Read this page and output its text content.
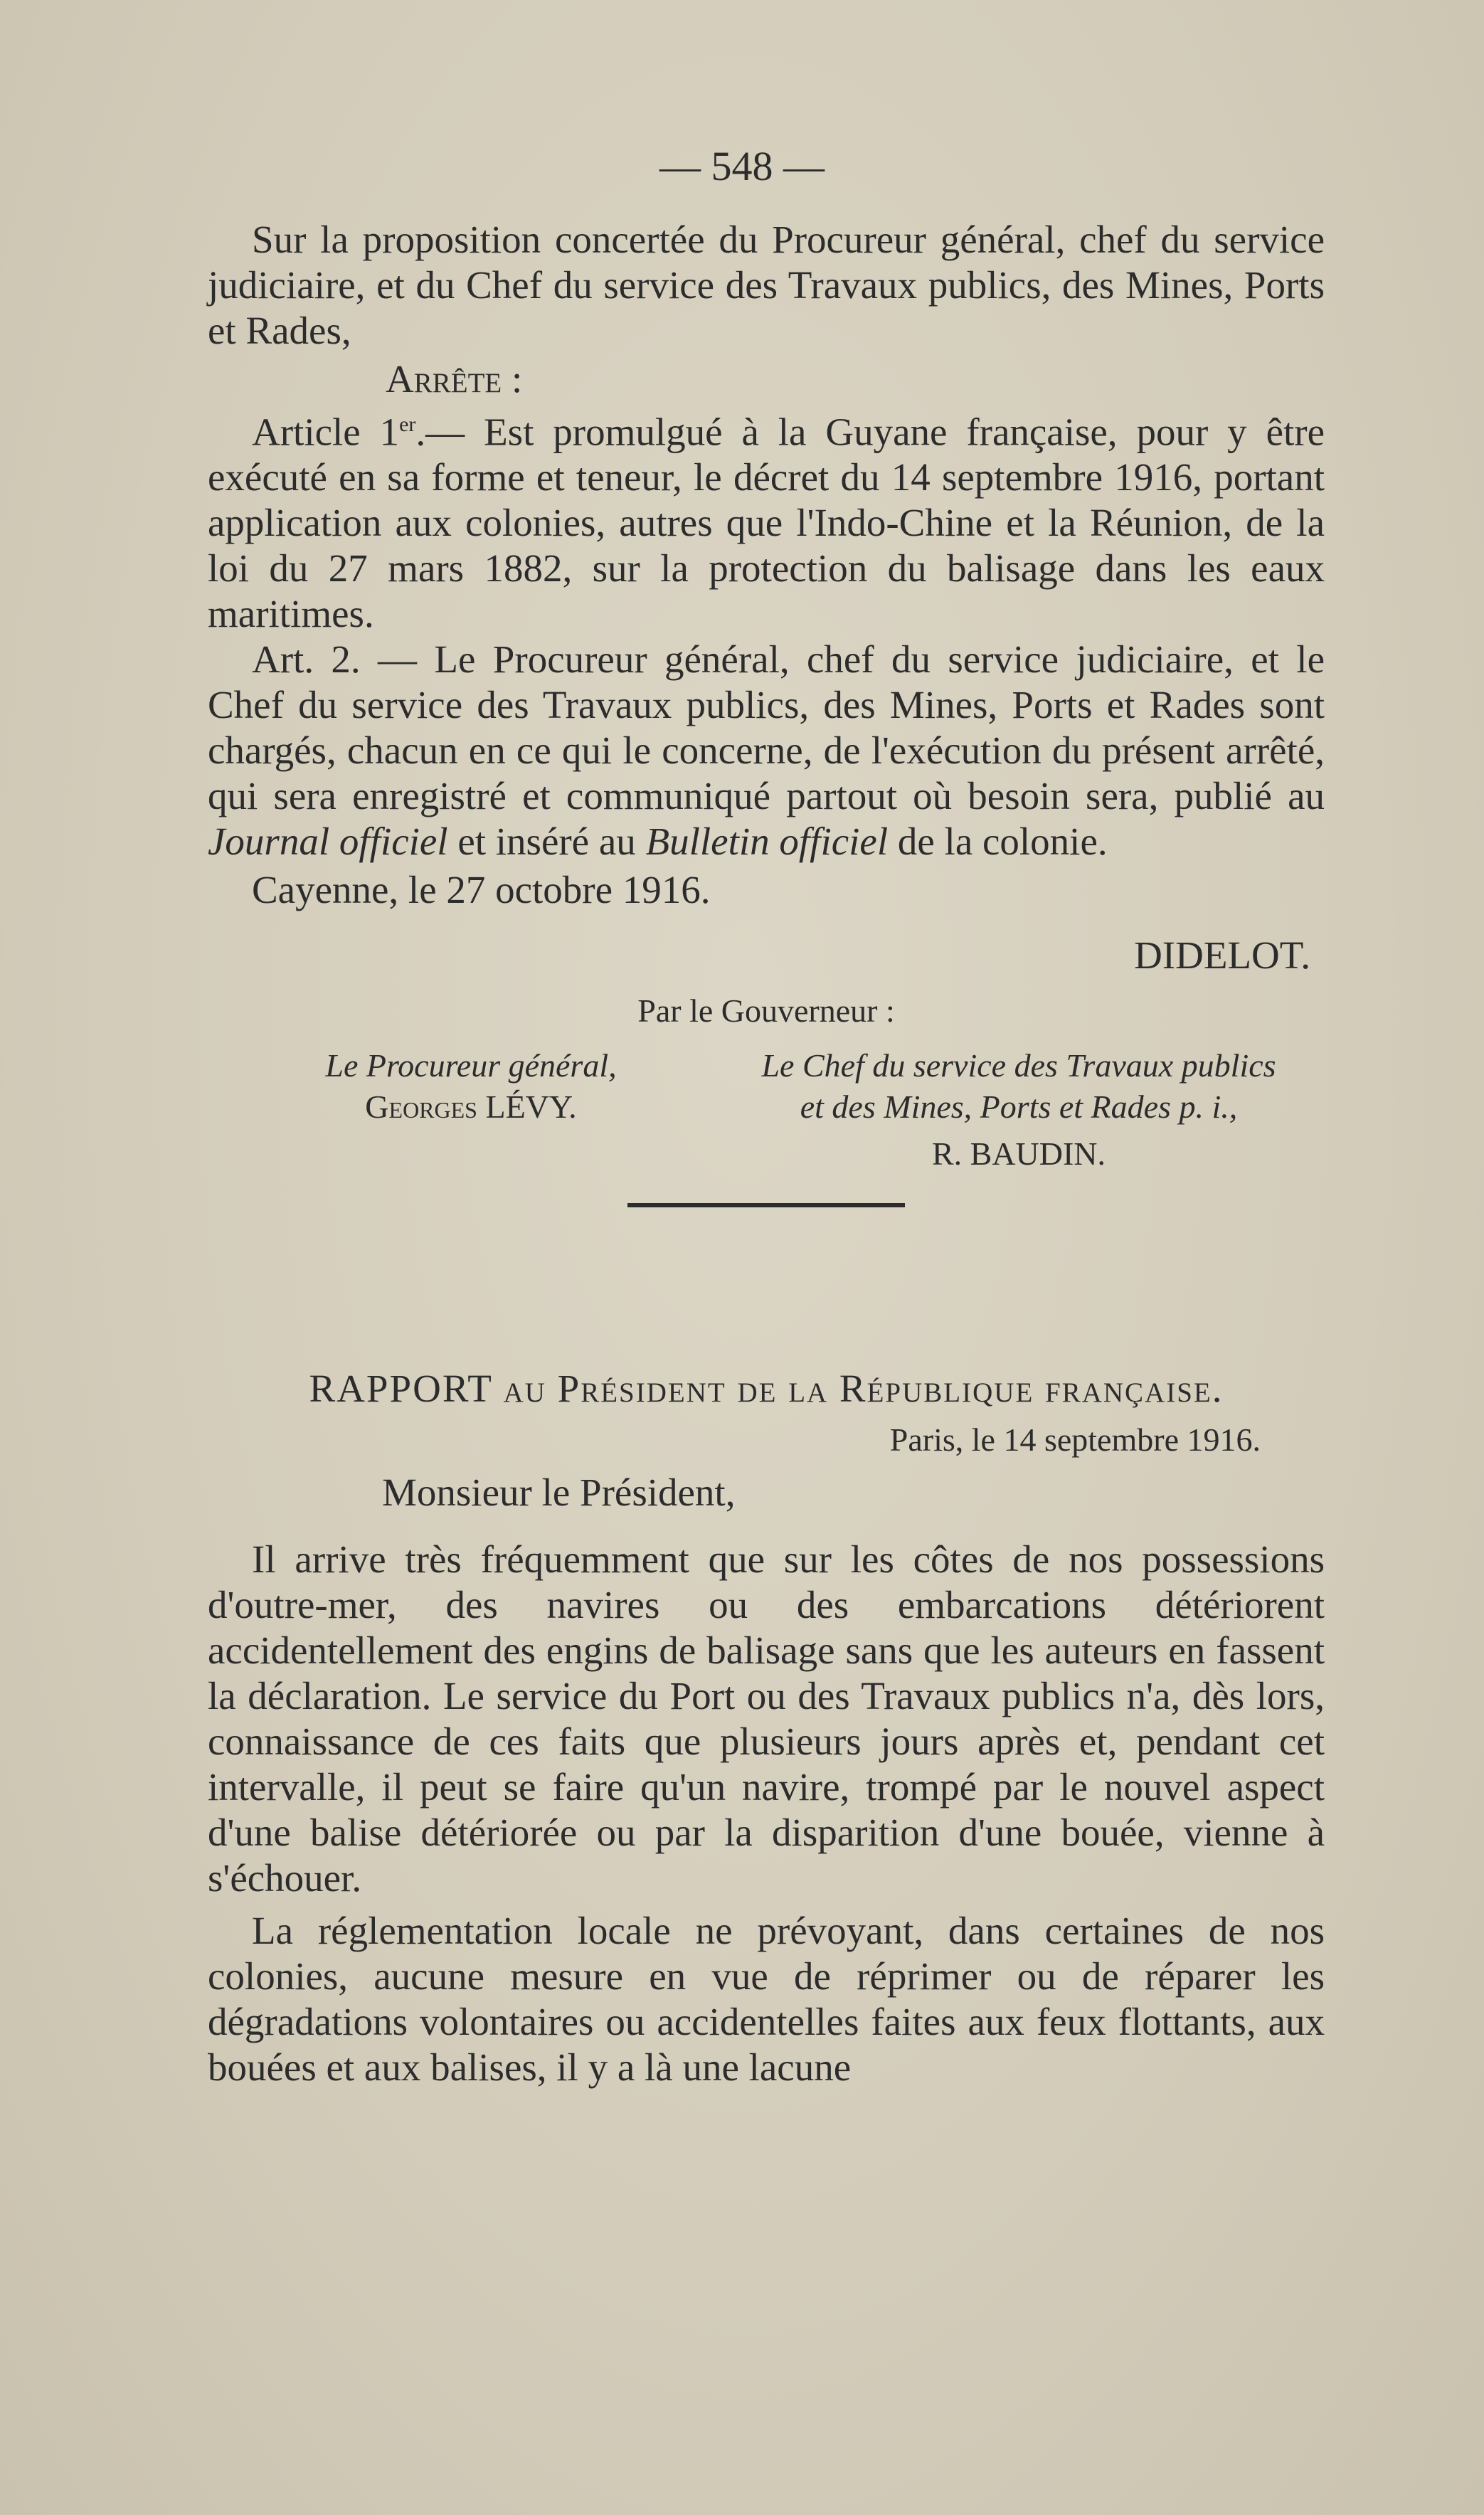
— 548 —

Sur la proposition concertée du Procureur général, chef du service judiciaire, et du Chef du service des Travaux publics, des Mines, Ports et Rades,

Arrête :

Article 1er.— Est promulgué à la Guyane française, pour y être exécuté en sa forme et teneur, le décret du 14 septembre 1916, portant application aux colonies, autres que l'Indo-Chine et la Réunion, de la loi du 27 mars 1882, sur la protection du balisage dans les eaux maritimes.

Art. 2. — Le Procureur général, chef du service judiciaire, et le Chef du service des Travaux publics, des Mines, Ports et Rades sont chargés, chacun en ce qui le concerne, de l'exécution du présent arrêté, qui sera enregistré et communiqué partout où besoin sera, publié au Journal officiel et inséré au Bulletin officiel de la colonie.

Cayenne, le 27 octobre 1916.

DIDELOT.

Par le Gouverneur :

Le Procureur général,
Georges LÉVY.
Le Chef du service des Travaux publics
et des Mines, Ports et Rades p. i.,
R. BAUDIN.

RAPPORT au Président de la République française.

Paris, le 14 septembre 1916.

Monsieur le Président,

Il arrive très fréquemment que sur les côtes de nos possessions d'outre-mer, des navires ou des embarcations détériorent accidentellement des engins de balisage sans que les auteurs en fassent la déclaration. Le service du Port ou des Travaux publics n'a, dès lors, connaissance de ces faits que plusieurs jours après et, pendant cet intervalle, il peut se faire qu'un navire, trompé par le nouvel aspect d'une balise détériorée ou par la disparition d'une bouée, vienne à s'échouer.

La réglementation locale ne prévoyant, dans certaines de nos colonies, aucune mesure en vue de réprimer ou de réparer les dégradations volontaires ou accidentelles faites aux feux flottants, aux bouées et aux balises, il y a là une lacune
